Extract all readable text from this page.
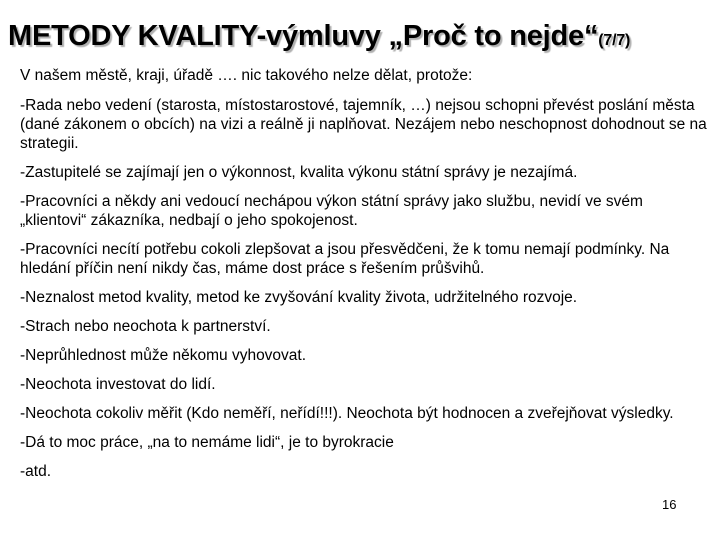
METODY KVALITY-výmluvy „Proč to nejde“(7/7)

V našem městě, kraji, úřadě …. nic takového nelze dělat, protože:

-Rada nebo vedení (starosta, místostarostové, tajemník, …) nejsou schopni převést poslání města (dané zákonem o obcích) na vizi a reálně ji naplňovat. Nezájem nebo neschopnost dohodnout se na strategii.

-Zastupitelé se zajímají jen o výkonnost, kvalita výkonu státní správy je nezajímá.

-Pracovníci a někdy ani vedoucí nechápou výkon státní správy jako službu, nevidí ve svém „klientovi“ zákazníka, nedbají o jeho spokojenost.

-Pracovníci necítí potřebu cokoli zlepšovat a jsou přesvědčeni, že k tomu nemají podmínky. Na hledání příčin není nikdy čas, máme dost práce s řešením průšvihů.

-Neznalost metod kvality, metod ke zvyšování kvality života, udržitelného rozvoje.

-Strach nebo neochota k partnerství.

-Neprůhlednost může někomu vyhovovat.

-Neochota investovat do lidí.

-Neochota cokoliv měřit (Kdo neměří, neřídí!!!). Neochota být hodnocen a zveřejňovat výsledky.

-Dá to moc práce, „na to nemáme lidi“, je to byrokracie

-atd.

16
